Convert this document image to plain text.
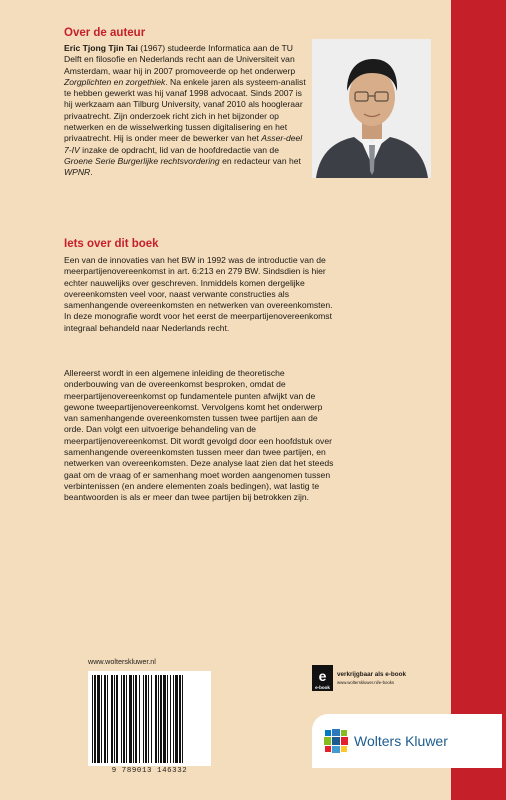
Over de auteur

Eric Tjong Tjin Tai (1967) studeerde Informatica aan de TU Delft en filosofie en Nederlands recht aan de Universiteit van Amsterdam, waar hij in 2007 promoveerde op het onderwerp Zorgplichten en zorgethiek. Na enkele jaren als systeem-analist te hebben gewerkt was hij vanaf 1998 advocaat. Sinds 2007 is hij werkzaam aan Tilburg University, vanaf 2010 als hoogleraar privaatrecht. Zijn onderzoek richt zich in het bijzonder op netwerken en de wisselwerking tussen digitalisering en het privaatrecht. Hij is onder meer de bewerker van het Asser-deel 7-IV inzake de opdracht, lid van de hoofdredactie van de Groene Serie Burgerlijke rechtsvordering en redacteur van het WPNR.

Iets over dit boek

Een van de innovaties van het BW in 1992 was de introductie van de meerpartijenovereenkomst in art. 6:213 en 279 BW. Sindsdien is hier echter nauwelijks over geschreven. Inmiddels komen dergelijke overeenkomsten veel voor, naast verwante constructies als samenhangende overeenkomsten en netwerken van overeenkomsten. In deze monografie wordt voor het eerst de meerpartijenovereenkomst integraal behandeld naar Nederlands recht.

Allereerst wordt in een algemene inleiding de theoretische onderbouwing van de overeenkomst besproken, omdat de meerpartijenovereenkomst op fundamentele punten afwijkt van de gewone tweepartijenovereenkomst. Vervolgens komt het onderwerp van samenhangende overeenkomsten tussen twee partijen aan de orde. Dan volgt een uitvoerige behandeling van de meerpartijenovereenkomst. Dit wordt gevolgd door een hoofdstuk over samenhangende overeenkomsten tussen meer dan twee partijen, en netwerken van overeenkomsten. Deze analyse laat zien dat het steeds gaat om de vraag of er samenhang moet worden aangenomen tussen verbintenissen (en andere elementen zoals bedingen), wat lastig te beantwoorden is als er meer dan twee partijen bij betrokken zijn.

www.wolterskluwer.nl
9 789013 146332
e
e-book
verkrijgbaar als e-book
www.wolterskluwer.nl/e-books
Wolters Kluwer
